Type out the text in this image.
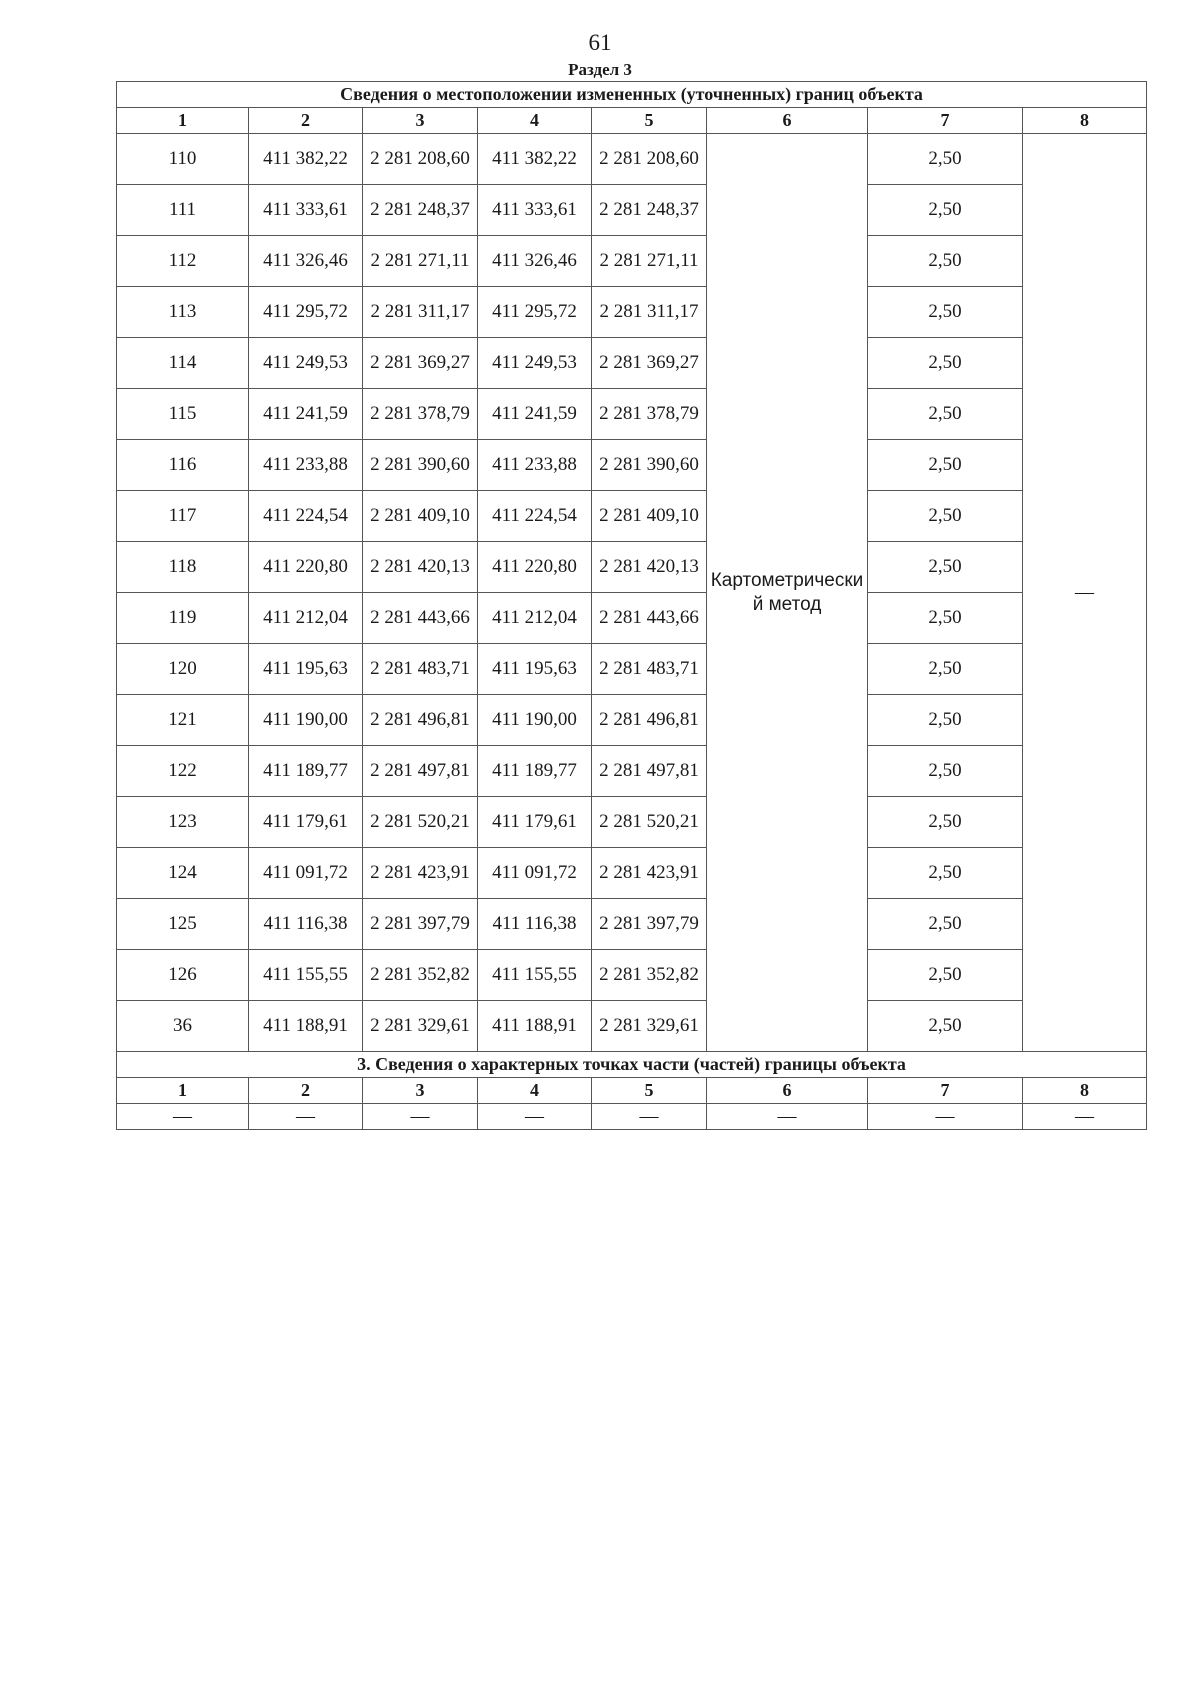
61
Раздел 3
Сведения о местоположении измененных (уточненных) границ объекта							
1	2	3	4	5	6	7	8
110	411 382,22	2 281 208,60	411 382,22	2 281 208,60	Картометрический метод	2,50	—
111	411 333,61	2 281 248,37	411 333,61	2 281 248,37		2,50	
112	411 326,46	2 281 271,11	411 326,46	2 281 271,11		2,50	
113	411 295,72	2 281 311,17	411 295,72	2 281 311,17		2,50	
114	411 249,53	2 281 369,27	411 249,53	2 281 369,27		2,50	
115	411 241,59	2 281 378,79	411 241,59	2 281 378,79		2,50	
116	411 233,88	2 281 390,60	411 233,88	2 281 390,60		2,50	
117	411 224,54	2 281 409,10	411 224,54	2 281 409,10		2,50	
118	411 220,80	2 281 420,13	411 220,80	2 281 420,13		2,50	
119	411 212,04	2 281 443,66	411 212,04	2 281 443,66		2,50	
120	411 195,63	2 281 483,71	411 195,63	2 281 483,71		2,50	
121	411 190,00	2 281 496,81	411 190,00	2 281 496,81		2,50	
122	411 189,77	2 281 497,81	411 189,77	2 281 497,81		2,50	
123	411 179,61	2 281 520,21	411 179,61	2 281 520,21		2,50	
124	411 091,72	2 281 423,91	411 091,72	2 281 423,91		2,50	
125	411 116,38	2 281 397,79	411 116,38	2 281 397,79		2,50	
126	411 155,55	2 281 352,82	411 155,55	2 281 352,82		2,50	
36	411 188,91	2 281 329,61	411 188,91	2 281 329,61		2,50	
3. Сведения о характерных точках части (частей) границы объекта							
1	2	3	4	5	6	7	8
—	—	—	—	—	—	—	—
